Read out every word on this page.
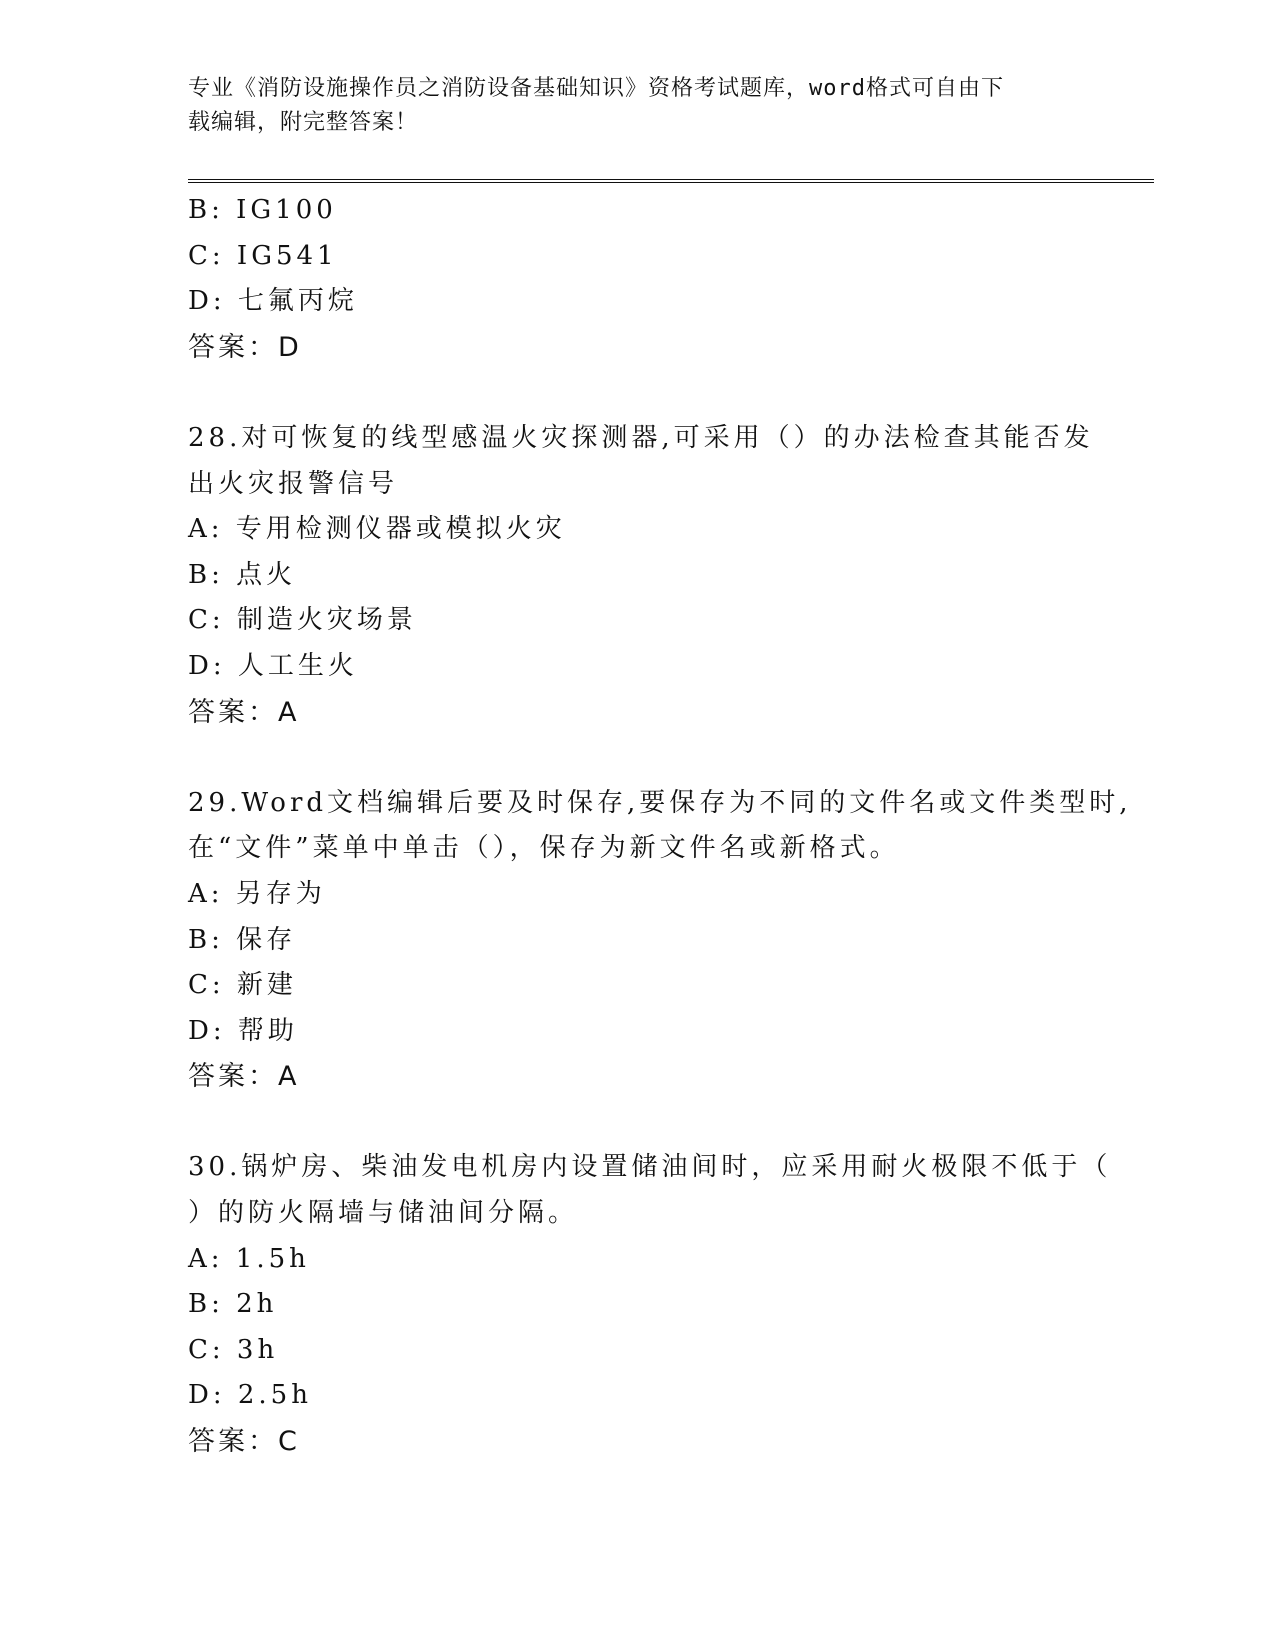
专业《消防设施操作员之消防设备基础知识》资格考试题库，word格式可自由下
载编辑，附完整答案！
B: IG100
C: IG541
D: 七氟丙烷
答案：D
28.对可恢复的线型感温火灾探测器,可采用（）的办法检查其能否发
出火灾报警信号
A: 专用检测仪器或模拟火灾
B: 点火
C: 制造火灾场景
D: 人工生火
答案：A
29.Word文档编辑后要及时保存,要保存为不同的文件名或文件类型时,
在“文件”菜单中单击（），保存为新文件名或新格式。
A: 另存为
B: 保存
C: 新建
D: 帮助
答案：A
30.锅炉房、柴油发电机房内设置储油间时，应采用耐火极限不低于（
）的防火隔墙与储油间分隔。
A: 1.5h
B: 2h
C: 3h
D: 2.5h
答案：C
